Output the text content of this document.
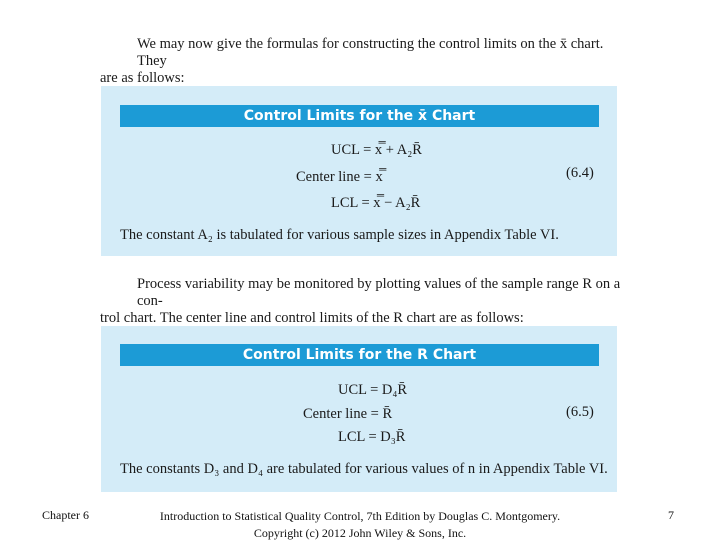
We may now give the formulas for constructing the control limits on the x̄ chart. They
are as follows:
Control Limits for the x̄ Chart
UCL = x̿ + A₂R̄
Center line = x̿	(6.4)
LCL = x̿ − A₂R̄
The constant A₂ is tabulated for various sample sizes in Appendix Table VI.
Process variability may be monitored by plotting values of the sample range R on a con-
trol chart. The center line and control limits of the R chart are as follows:
Control Limits for the R Chart
UCL = D₄R̄
Center line = R̄	(6.5)
LCL = D₃R̄
The constants D₃ and D₄ are tabulated for various values of n in Appendix Table VI.
Chapter 6	Introduction to Statistical Quality Control, 7th Edition by Douglas C. Montgomery.
Copyright (c) 2012 John Wiley & Sons, Inc.
7
